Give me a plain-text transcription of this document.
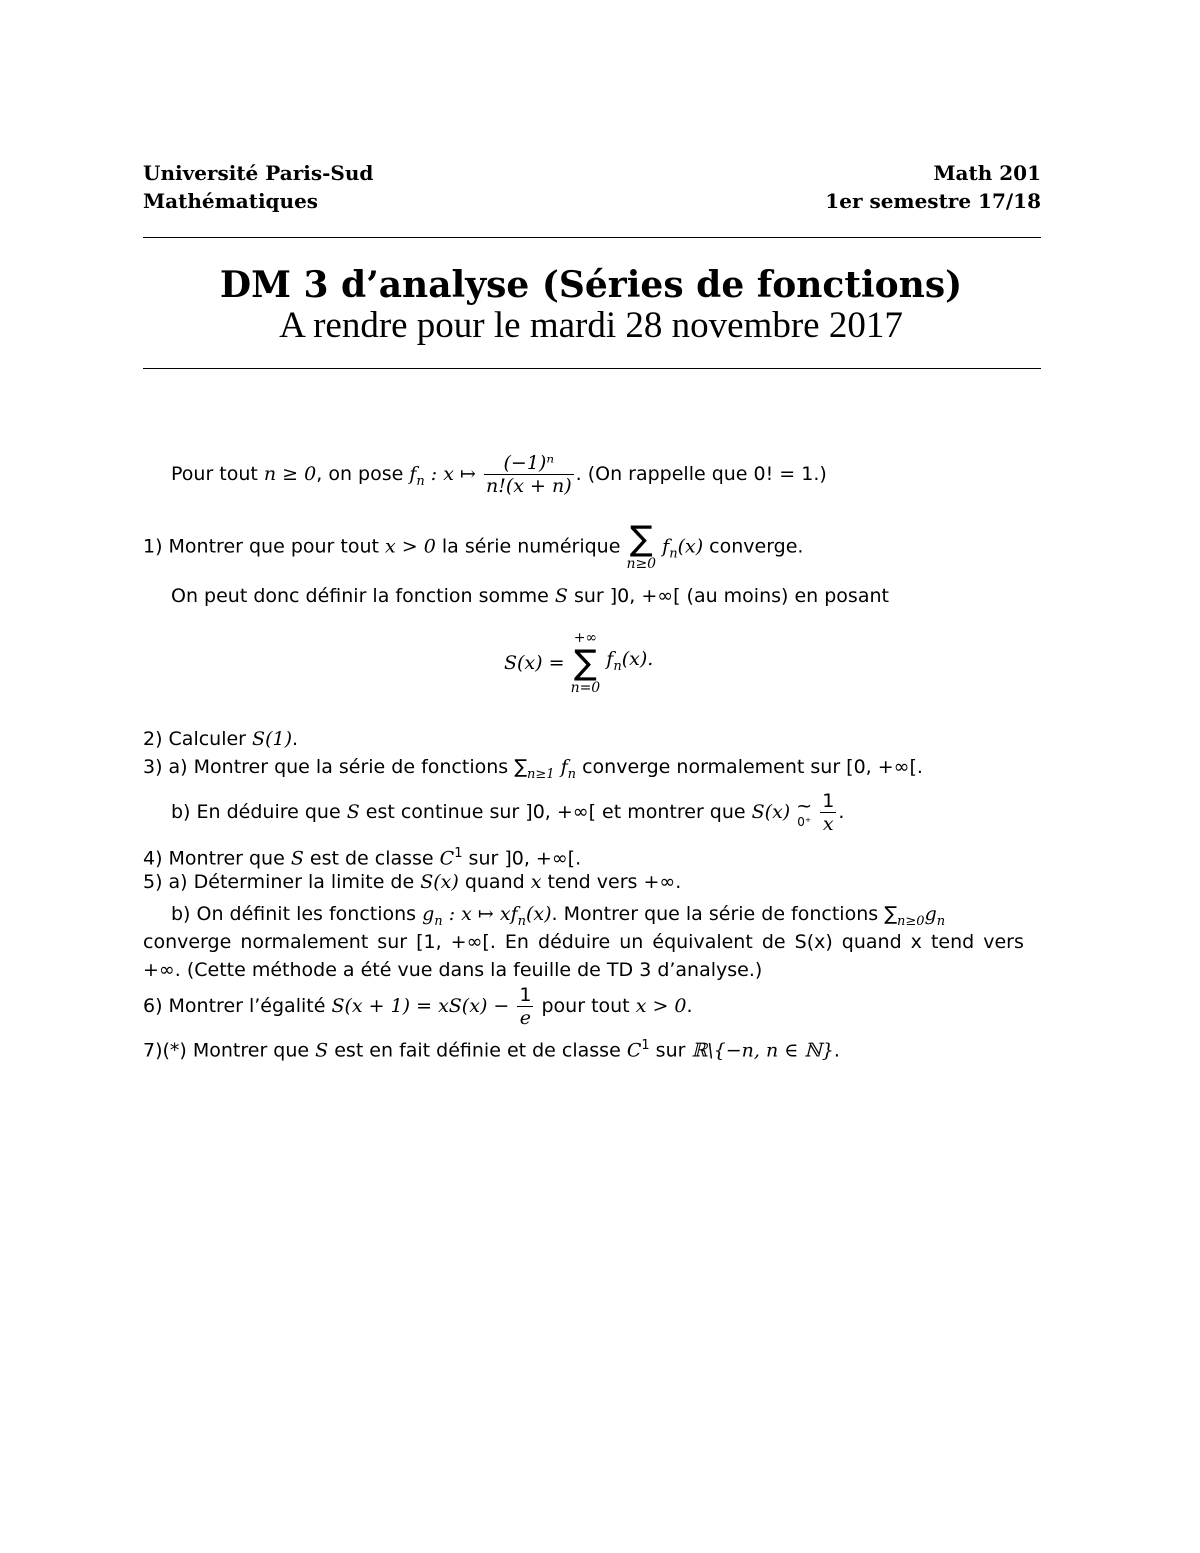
Université Paris-Sud
Mathématiques
Math 201
1er semestre 17/18
DM 3 d’analyse (Séries de fonctions)
A rendre pour le mardi 28 novembre 2017
Pour tout n ≥ 0, on pose $f_n$ : x ↦ $\frac{\text{(−1)ⁿ}}{n!(x + n)}$ . (On rappelle que 0! = 1.)
1) Montrer que pour tout x > 0 la série numérique ∑
n≥0
$f_n(x)$ converge.
On peut donc définir la fonction somme S sur ]0, +∞[ (au moins) en posant
S(x) =
+∞
∑
n=0
$f_n(x)$.
2) Calculer S(1).
3) a) Montrer que la série de fonctions $\sum_{n\ge 1}$ $f_n$ converge normalement sur [0, +∞[.
b) En déduire que S est continue sur ]0, +∞[ et montrer que S(x) ~
0⁺
$\frac{1}{x}$ .
4) Montrer que S est de classe $C^1$ sur ]0, +∞[.
5) a) Déterminer la limite de S(x) quand x tend vers +∞.
b) On définit les fonctions $g_n$ : x ↦ $xf_n(x)$. Montrer que la série de fonctions $\sum_{n\ge 0}g_n$
converge normalement sur [1, +∞[. En déduire un équivalent de S(x) quand x tend vers
+∞. (Cette méthode a été vue dans la feuille de TD 3 d’analyse.)
6) Montrer l’égalité $S(x + 1) = xS(x) - \frac{1}{e}$ pour tout x > 0.
7)(*) Montrer que S est en fait définie et de classe $C^1$ sur ℝ\{−n, n ∈ ℕ}.
